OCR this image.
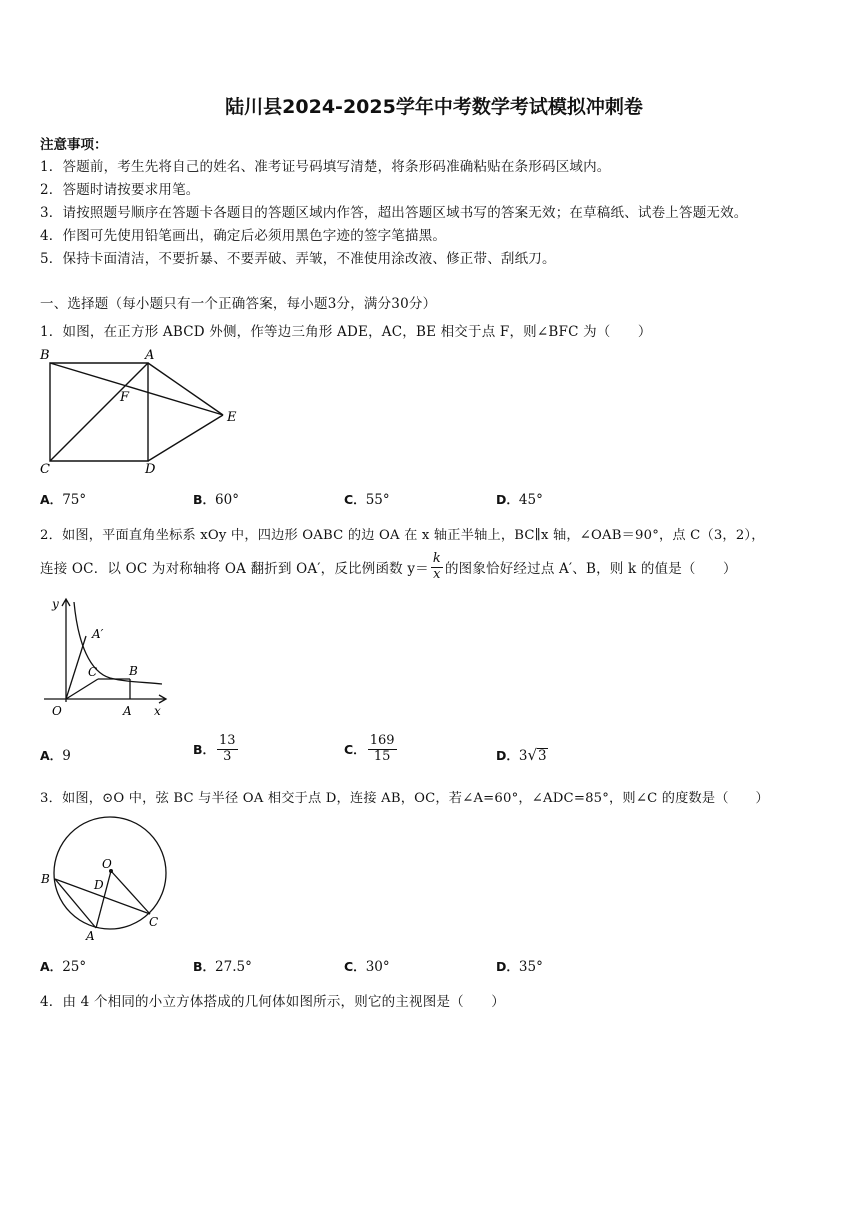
陆川县2024-2025学年中考数学考试模拟冲刺卷
注意事项：
1．答题前，考生先将自己的姓名、准考证号码填写清楚，将条形码准确粘贴在条形码区域内。
2．答题时请按要求用笔。
3．请按照题号顺序在答题卡各题目的答题区域内作答，超出答题区域书写的答案无效；在草稿纸、试卷上答题无效。
4．作图可先使用铅笔画出，确定后必须用黑色字迹的签字笔描黑。
5．保持卡面清洁，不要折暴、不要弄破、弄皱，不准使用涂改液、修正带、刮纸刀。
一、选择题（每小题只有一个正确答案，每小题3分，满分30分）
1．如图，在正方形 ABCD 外侧，作等边三角形 ADE，AC，BE 相交于点 F，则∠BFC 为（　　）
B	A
F
E
C	D
A．75°	B．60°	C．55°	D．45°
2．如图，平面直角坐标系 xOy 中，四边形 OABC 的边 OA 在 x 轴正半轴上，BC∥x 轴，∠OAB＝90°，点 C（3，2），
连接 OC．以 OC 为对称轴将 OA 翻折到 OA′，反比例函数 $y= \frac{k}{x}$ 的图象恰好经过点 A′、B，则 k 的值是（　　）
y
A′
C	B
O	A x
A．9	B． $\frac{13}{3}$	C． $\frac{169}{15}$	D．3√3
3．如图，⊙O 中，弦 BC 与半径 OA 相交于点 D，连接 AB，OC，若∠A=60°，∠ADC=85°，则∠C 的度数是（　　）
O
B	D
A
C
A．25°	B．27.5°	C．30°	D．35°
4．由 4 个相同的小立方体搭成的几何体如图所示，则它的主视图是（　　）
